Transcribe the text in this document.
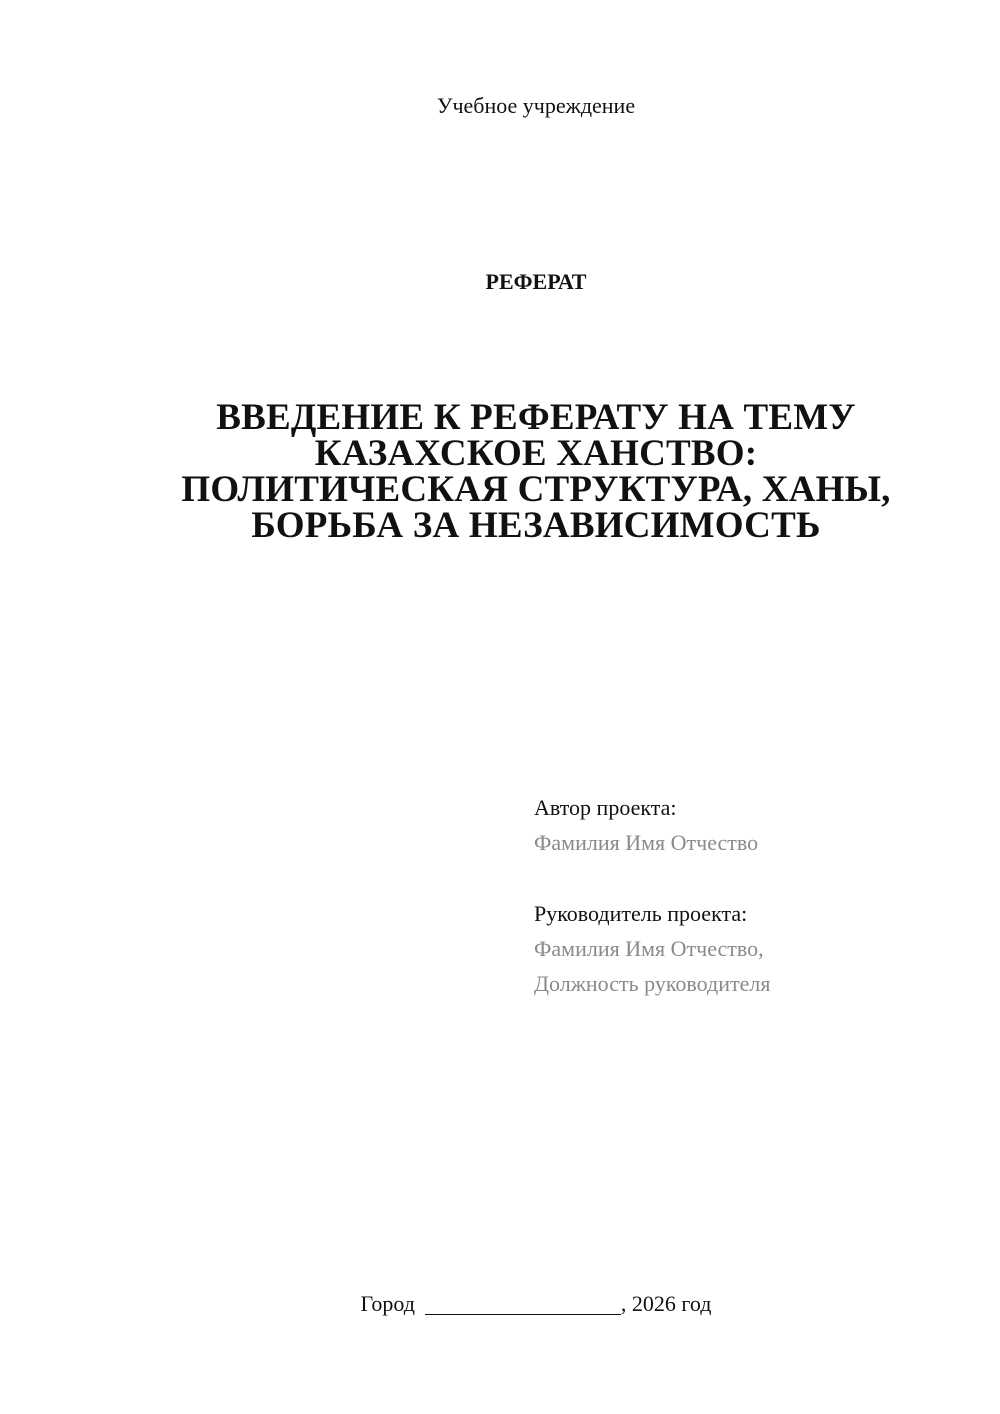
Учебное учреждение
РЕФЕРАТ
ВВЕДЕНИЕ К РЕФЕРАТУ НА ТЕМУ
КАЗАХСКОЕ ХАНСТВО:
ПОЛИТИЧЕСКАЯ СТРУКТУРА, ХАНЫ,
БОРЬБА ЗА НЕЗАВИСИМОСТЬ
Автор проекта:
Фамилия Имя Отчество
Руководитель проекта:
Фамилия Имя Отчество,
Должность руководителя
Город	, 2026 год
